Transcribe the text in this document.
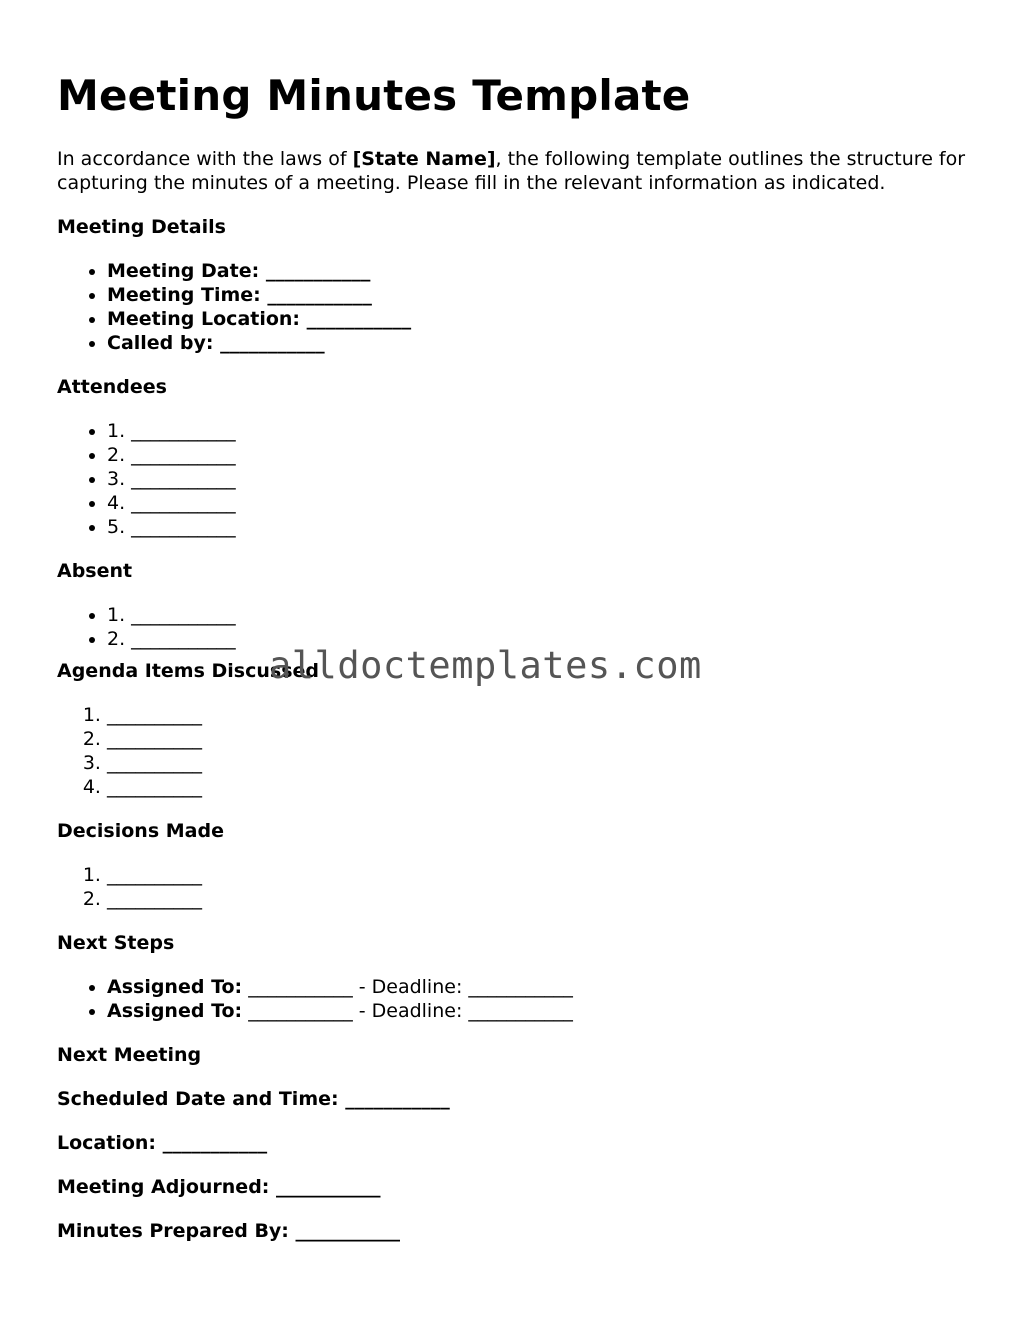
Meeting Minutes Template

In accordance with the laws of [State Name], the following template outlines the structure for capturing the minutes of a meeting. Please fill in the relevant information as indicated.

Meeting Details
• Meeting Date: ___________
• Meeting Time: ___________
• Meeting Location: ___________
• Called by: ___________
Attendees
• 1. ___________
• 2. ___________
• 3. ___________
• 4. ___________
• 5. ___________
Absent
• 1. ___________
• 2. ___________
Agenda Items Discussed
1. __________
2. __________
3. __________
4. __________
Decisions Made
1. __________
2. __________
Next Steps
• Assigned To: ___________ - Deadline: ___________
• Assigned To: ___________ - Deadline: ___________
Next Meeting
Scheduled Date and Time: ___________
Location: ___________
Meeting Adjourned: ___________
Minutes Prepared By: ___________
alldoctemplates.com
